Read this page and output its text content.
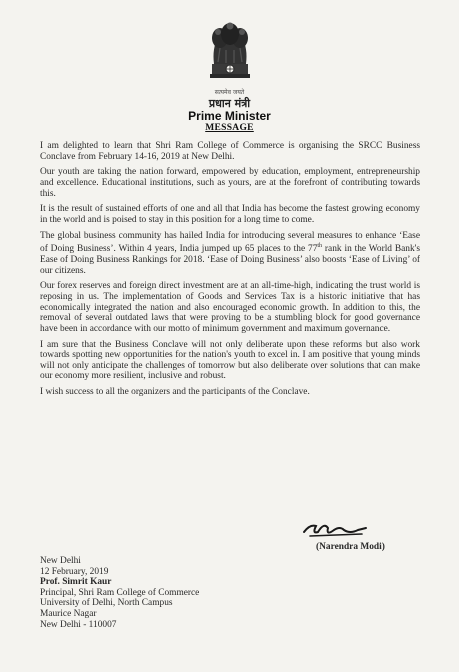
सत्यमेव जयते
प्रधान मंत्री
Prime Minister
MESSAGE

I am delighted to learn that Shri Ram College of Commerce is organising the SRCC Business Conclave from February 14-16, 2019 at New Delhi.

Our youth are taking the nation forward, empowered by education, employment, entrepreneurship and excellence. Educational institutions, such as yours, are at the forefront of contributing towards this.

It is the result of sustained efforts of one and all that India has become the fastest growing economy in the world and is poised to stay in this position for a long time to come.

The global business community has hailed India for introducing several measures to enhance ‘Ease of Doing Business’. Within 4 years, India jumped up 65 places to the 77th rank in the World Bank's Ease of Doing Business Rankings for 2018. ‘Ease of Doing Business’ also boosts ‘Ease of Living’ of our citizens.

Our forex reserves and foreign direct investment are at an all-time-high, indicating the trust world is reposing in us. The implementation of Goods and Services Tax is a historic initiative that has economically integrated the nation and also encouraged economic growth. In addition to this, the removal of several outdated laws that were proving to be a stumbling block for good governance have been in accordance with our motto of minimum government and maximum governance.

I am sure that the Business Conclave will not only deliberate upon these reforms but also work towards spotting new opportunities for the nation's youth to excel in. I am positive that young minds will not only anticipate the challenges of tomorrow but also deliberate over solutions that can make our economy more resilient, inclusive and robust.

I wish success to all the organizers and the participants of the Conclave.

(Narendra Modi)
New Delhi
12 February, 2019
Prof. Simrit Kaur
Principal, Shri Ram College of Commerce
University of Delhi, North Campus
Maurice Nagar
New Delhi - 110007
